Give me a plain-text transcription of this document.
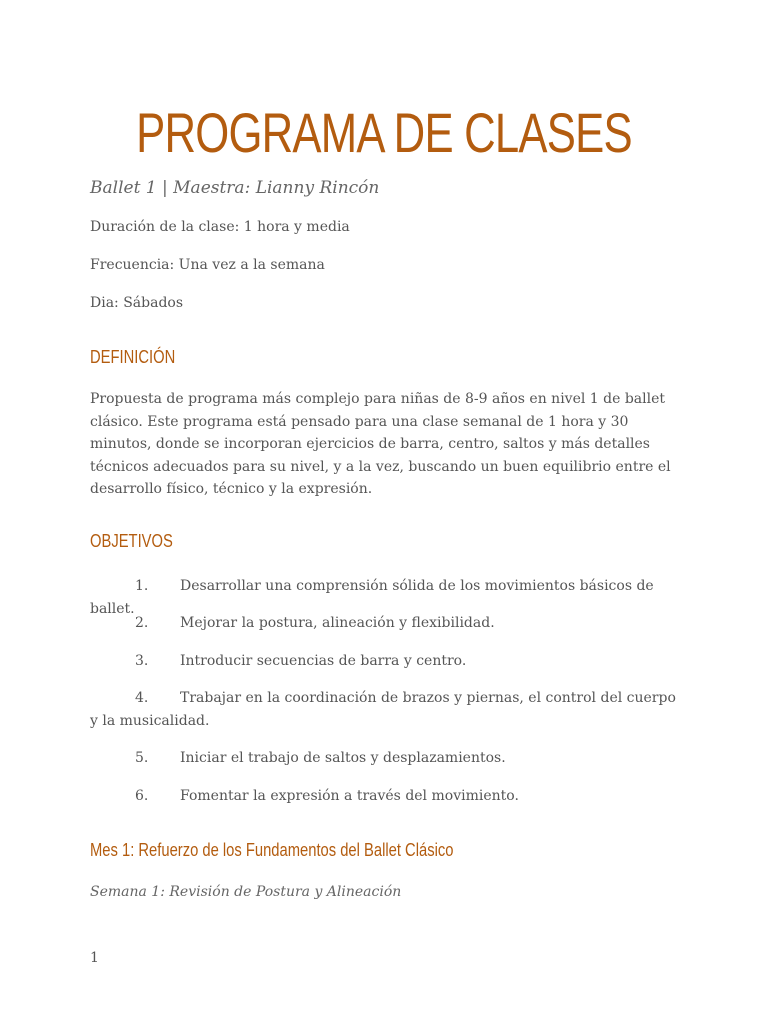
PROGRAMA DE CLASES

Ballet 1 | Maestra: Lianny Rincón

Duración de la clase: 1 hora y media

Frecuencia: Una vez a la semana

Dia: Sábados

DEFINICIÓN

Propuesta de programa más complejo para niñas de 8-9 años en nivel 1 de ballet clásico. Este programa está pensado para una clase semanal de 1 hora y 30 minutos, donde se incorporan ejercicios de barra, centro, saltos y más detalles técnicos adecuados para su nivel, y a la vez, buscando un buen equilibrio entre el desarrollo físico, técnico y la expresión.

OBJETIVOS

1. Desarrollar una comprensión sólida de los movimientos básicos de ballet.

2. Mejorar la postura, alineación y flexibilidad.

3. Introducir secuencias de barra y centro.

4. Trabajar en la coordinación de brazos y piernas, el control del cuerpo y la musicalidad.

5. Iniciar el trabajo de saltos y desplazamientos.

6. Fomentar la expresión a través del movimiento.

Mes 1: Refuerzo de los Fundamentos del Ballet Clásico

Semana 1: Revisión de Postura y Alineación

1
